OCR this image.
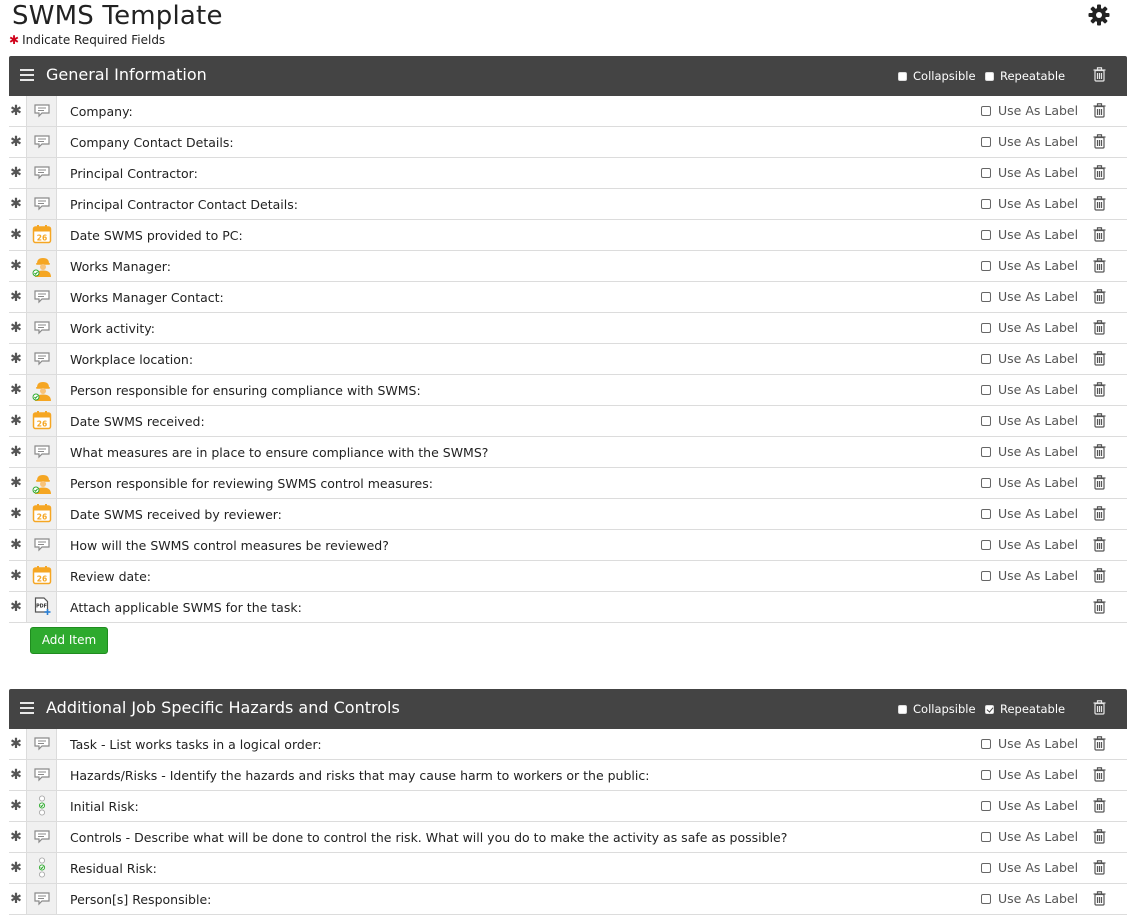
SWMS Template
✱ Indicate Required Fields
General Information	Collapsible Repeatable
✱	Company:	Use As Label
✱	Company Contact Details:	Use As Label
✱	Principal Contractor:	Use As Label
✱	Principal Contractor Contact Details:	Use As Label
✱ 26 Date SWMS provided to PC:	Use As Label
✱	Works Manager:	Use As Label
✱	Works Manager Contact:	Use As Label
✱	Work activity:	Use As Label
✱	Workplace location:	Use As Label
✱	Person responsible for ensuring compliance with SWMS:	Use As Label
✱ 26 Date SWMS received:	Use As Label
✱	What measures are in place to ensure compliance with the SWMS?	Use As Label
✱	Person responsible for reviewing SWMS control measures:	Use As Label
✱ 26 Date SWMS received by reviewer:	Use As Label
✱	How will the SWMS control measures be reviewed?	Use As Label
✱ 26 Review date:	Use As Label
✱	PDF Attach applicable SWMS for the task:
Add Item
Additional Job Specific Hazards and Controls	Collapsible Repeatable
✱	Task - List works tasks in a logical order:	Use As Label
✱	Hazards/Risks - Identify the hazards and risks that may cause harm to workers or the public:	Use As Label
✱	Initial Risk:	Use As Label
✱	Controls - Describe what will be done to control the risk. What will you do to make the activity as safe as possible?	Use As Label
✱	Residual Risk:	Use As Label
✱	Person[s] Responsible:	Use As Label
